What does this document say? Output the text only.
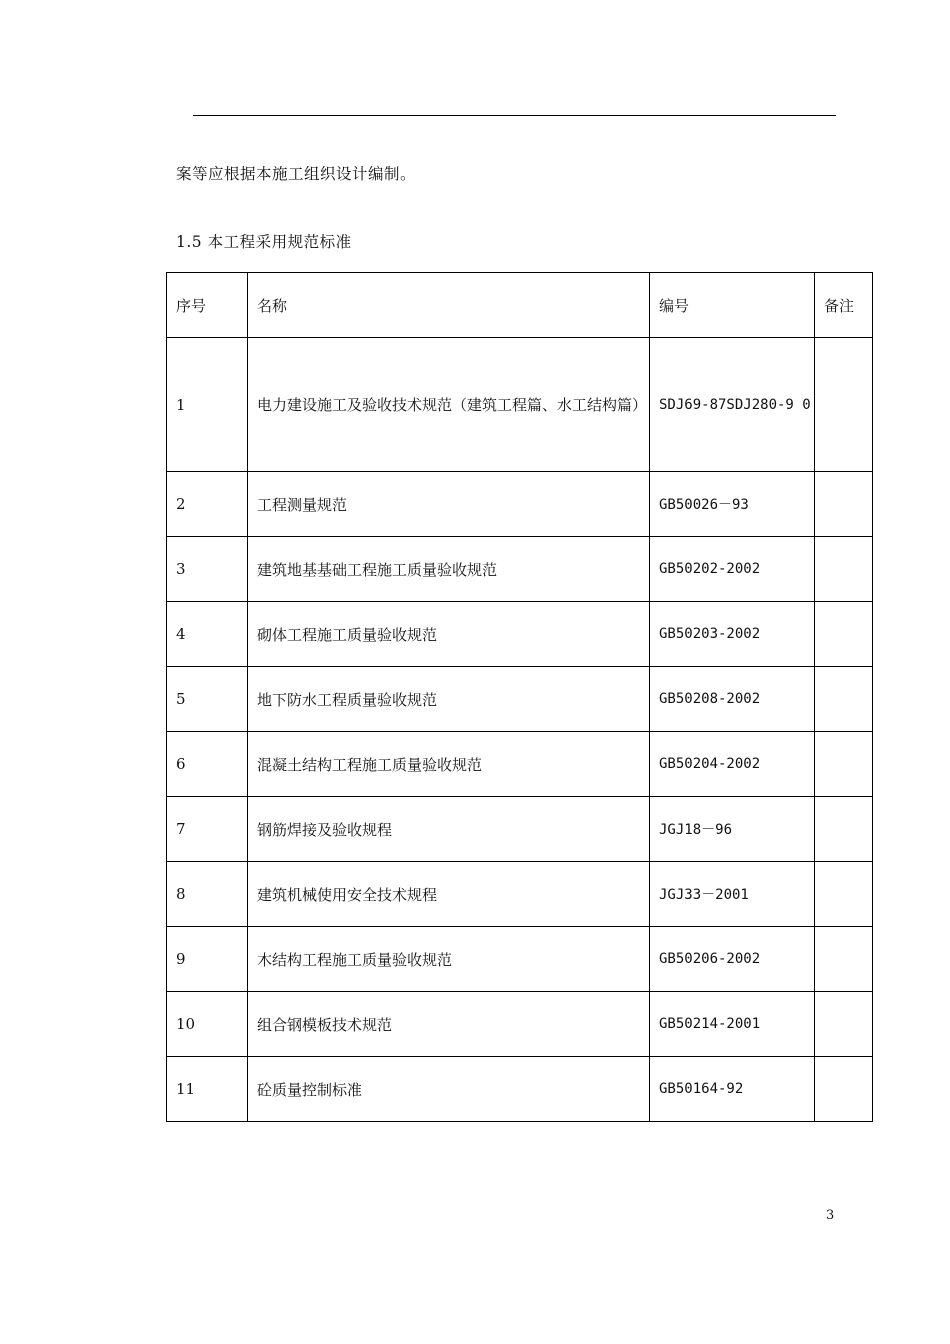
案等应根据本施工组织设计编制。
1.5 本工程采用规范标准
序号	名称	编号	备注
1	电力建设施工及验收技术规范（建筑工程篇、水工结构篇）	SDJ69-87SDJ280-9 0	
2	工程测量规范	GB50026－93	
3	建筑地基基础工程施工质量验收规范	GB50202-2002	
4	砌体工程施工质量验收规范	GB50203-2002	
5	地下防水工程质量验收规范	GB50208-2002	
6	混凝土结构工程施工质量验收规范	GB50204-2002	
7	钢筋焊接及验收规程	JGJ18－96	
8	建筑机械使用安全技术规程	JGJ33－2001	
9	木结构工程施工质量验收规范	GB50206-2002	
10	组合钢模板技术规范	GB50214-2001	
11	砼质量控制标准	GB50164-92	
3
